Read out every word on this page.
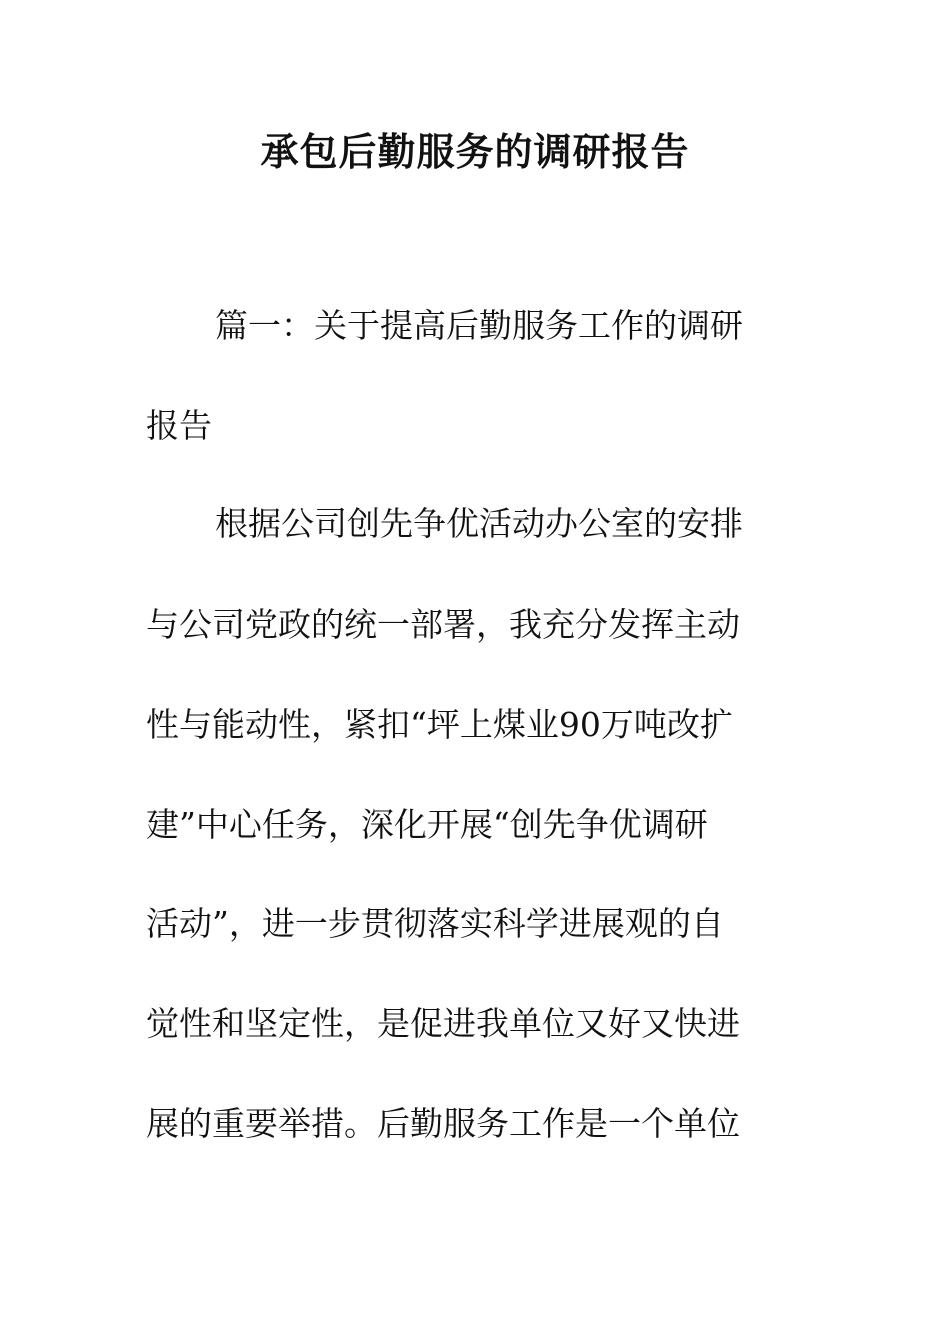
承包后勤服务的调研报告

篇一：关于提高后勤服务工作的调研

报告

根据公司创先争优活动办公室的安排

与公司党政的统一部署，我充分发挥主动

性与能动性，紧扣“坪上煤业90万吨改扩

建”中心任务，深化开展“创先争优调研

活动”，进一步贯彻落实科学进展观的自

觉性和坚定性，是促进我单位又好又快进

展的重要举措。后勤服务工作是一个单位
